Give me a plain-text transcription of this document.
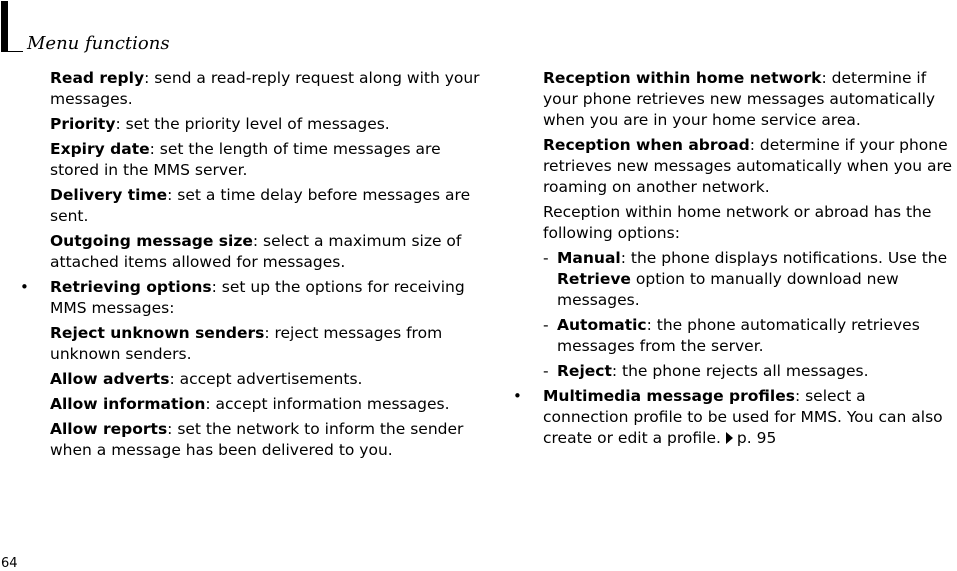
Menu functions

Read reply: send a read-reply request along with your messages.

Priority: set the priority level of messages.

Expiry date: set the length of time messages are stored in the MMS server.

Delivery time: set a time delay before messages are sent.

Outgoing message size: select a maximum size of attached items allowed for messages.

• Retrieving options: set up the options for receiving MMS messages:

Reject unknown senders: reject messages from unknown senders.

Allow adverts: accept advertisements.

Allow information: accept information messages.

Allow reports: set the network to inform the sender when a message has been delivered to you.

Reception within home network: determine if your phone retrieves new messages automatically when you are in your home service area.

Reception when abroad: determine if your phone retrieves new messages automatically when you are roaming on another network.

Reception within home network or abroad has the following options:

- Manual: the phone displays notifications. Use the Retrieve option to manually download new messages.
- Automatic: the phone automatically retrieves messages from the server.
- Reject: the phone rejects all messages.

• Multimedia message profiles: select a connection profile to be used for MMS. You can also create or edit a profile. p. 95

64
